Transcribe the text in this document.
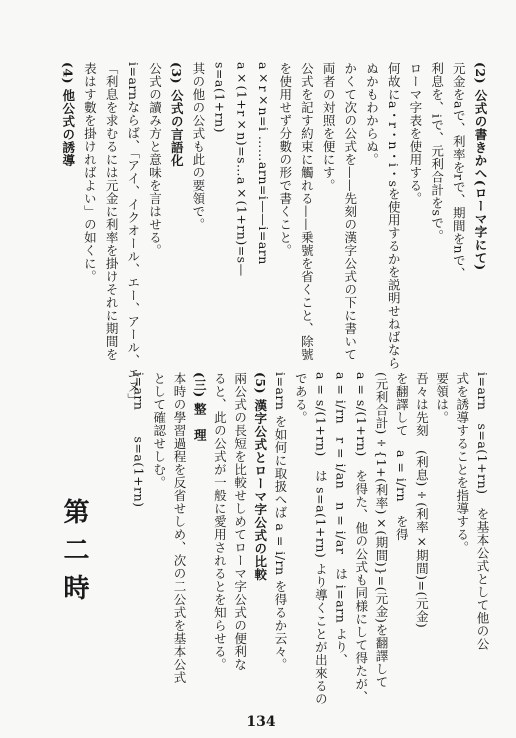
(2) 公式の書きかへ(ローマ字にて)
元金をaで、利率をrで、期間をnで、
利息を、iで、元利合計をsで。
ローマ字表を使用する。
何故にa・r・n・i・sを使用するかを説明せねばなら
ぬかもわからぬ。
かくて次の公式を——先刻の漢字公式の下に書いて
両者の対照を便にす。
公式を記す約束に觸れる——乗號を省くこと、除號
を使用せず分數の形で書くこと。
a×r×n=i ……arn=i——i=arn
a×(1+r×n)=s…a×(1+rn)=s—
s=a(1+rn)
其の他の公式も此の要領で。
(3) 公式の言語化
公式の讀み方と意味を言はせる。
i=arnならば、「アイ、イクオール、エー、アール、エヌ」
「利息を求むるには元金に利率を掛けそれに期間を
表はす數を掛ければよい」の如くに。
(4) 他公式の誘導
i=arn　s=a(1+rn)　を基本公式として他の公
式を誘導することを指導する。
要領は。
吾々は先刻　(利息)÷(利率×期間)=(元金)
を翻譯して　a = i/rn　を得
(元利合計)÷{1+(利率)×(期間)}=(元金)を翻譯して
a = s/(1+rn)　を得た、他の公式も同様にして得たが、
a = i/rn　r = i/an　n = i/ar　は i=arn より、
a = s/(1+rn)　は s=a(1+rn) より導くことが出來るの
である。
i=arn を如何に取扱へば a = i/rn を得るか云々。
(5) 漢字公式とローマ字公式の比較
兩公式の長短を比較せしめてローマ字公式の便利な
ると、此の公式が一般に愛用されるとを知らせる。
(三) 整　理
本時の學習過程を反省せしめ、次の二公式を基本公式
として確認せしむ。
i=arn　　s=a(1+rn)
第二時
134
